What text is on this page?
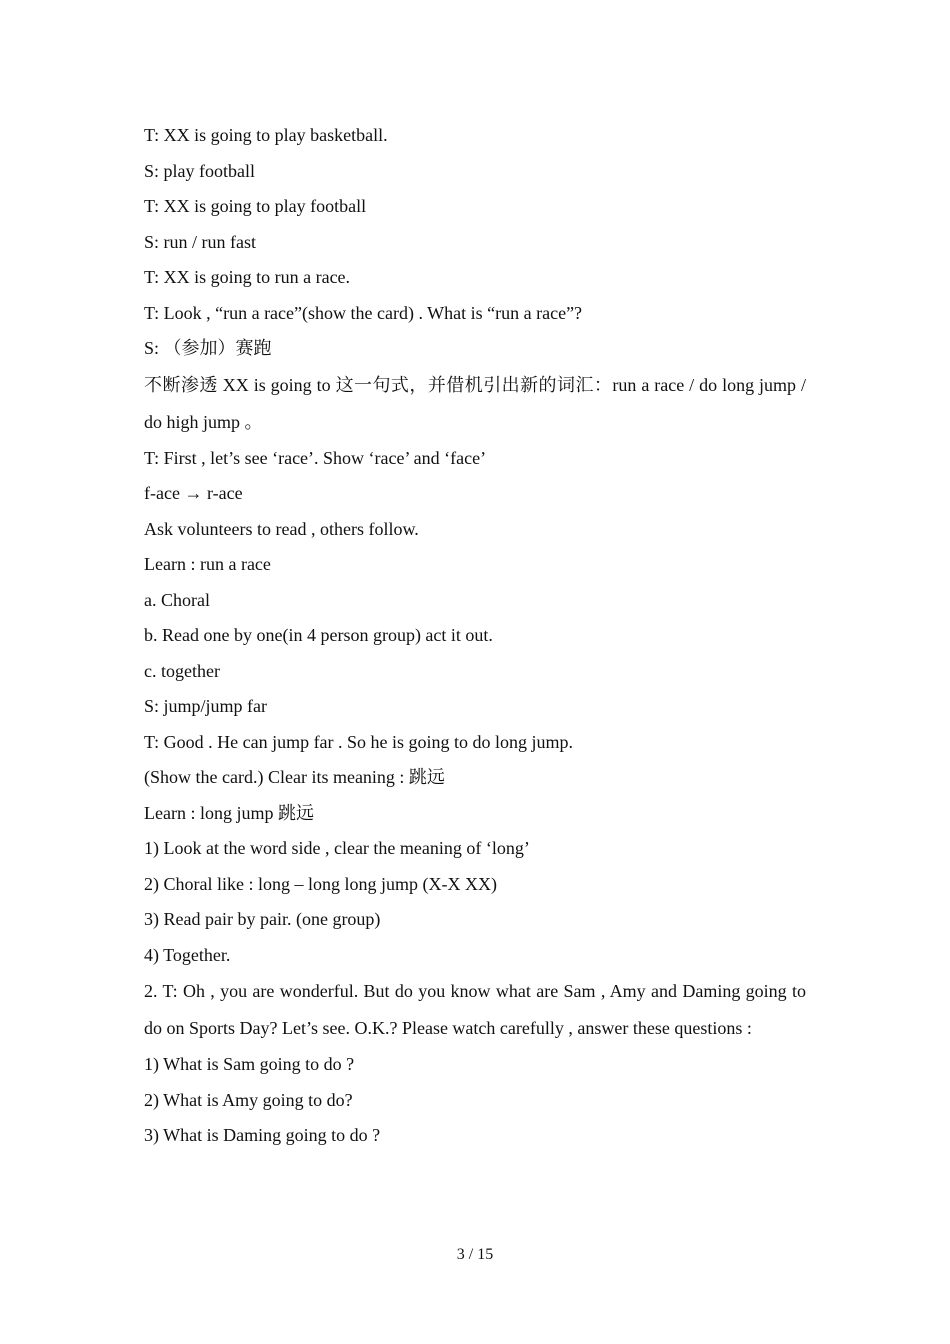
T: XX is going to play basketball.
S: play football
T: XX is going to play football
S: run / run fast
T: XX is going to run a race.
T: Look , “run a race”(show the card) . What is “run a race”?
S: （参加）赛跑
不断渗透 XX is going to 这一句式，并借机引出新的词汇：run a race / do long jump / do high jump 。
T: First , let’s see ‘race’. Show ‘race’ and ‘face’
f-ace → r-ace
Ask volunteers to read , others follow.
Learn : run a race
a. Choral
b. Read one by one(in 4 person group) act it out.
c. together
S: jump/jump far
T: Good . He can jump far . So he is going to do long jump.
(Show the card.) Clear its meaning : 跳远
Learn : long jump 跳远
1) Look at the word side , clear the meaning of ‘long’
2) Choral like : long – long long jump (X-X XX)
3) Read pair by pair. (one group)
4) Together.
2. T: Oh , you are wonderful. But do you know what are Sam , Amy and Daming going to do on Sports Day? Let’s see. O.K.? Please watch carefully , answer these questions :
1) What is Sam going to do ?
2) What is Amy going to do?
3) What is Daming going to do ?
3 / 15
